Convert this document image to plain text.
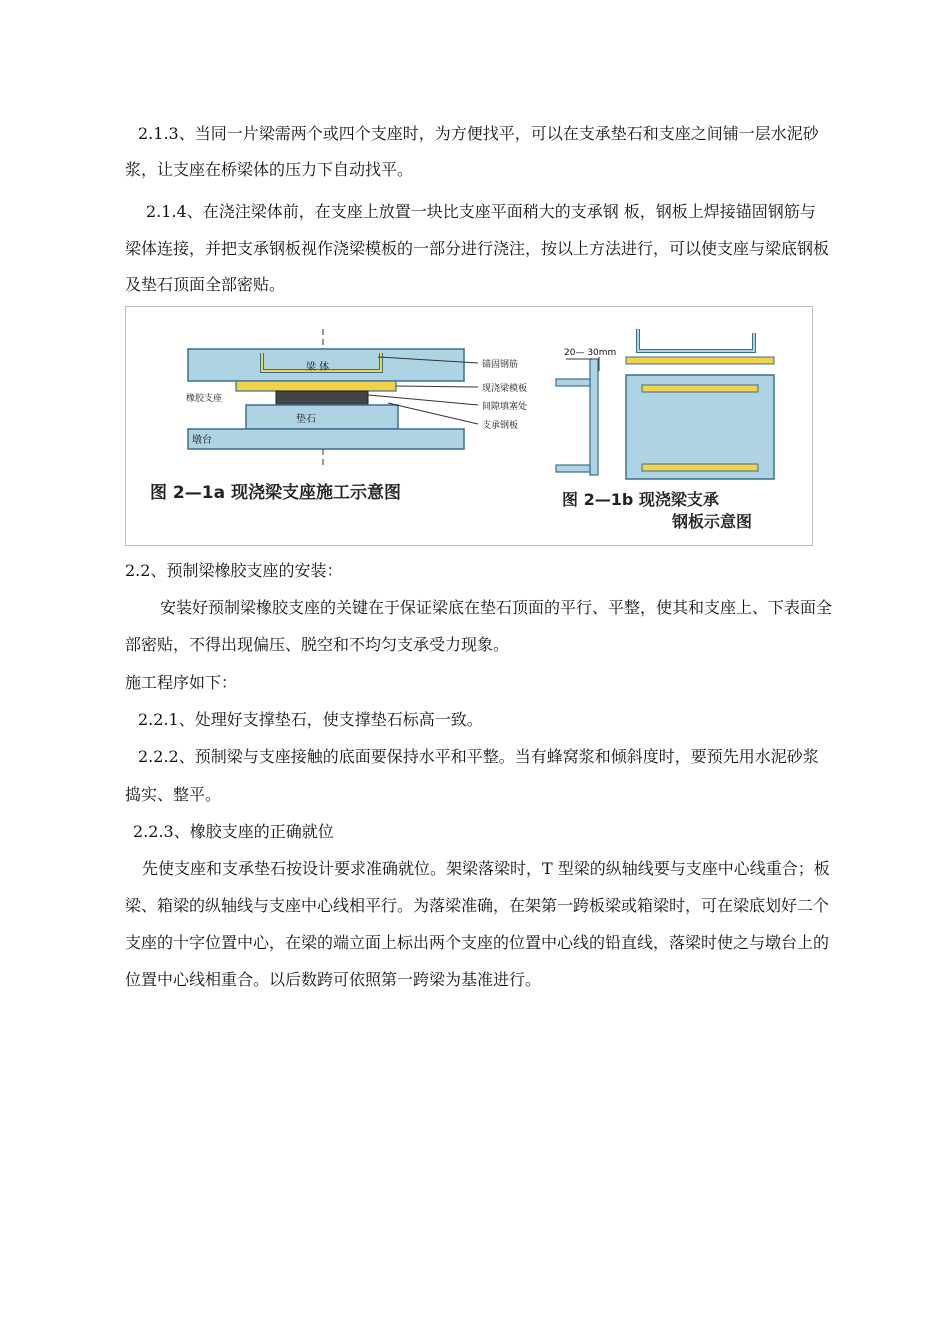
2.1.3、当同一片梁需两个或四个支座时，为方便找平，可以在支承垫石和支座之间铺一层水泥砂
浆，让支座在桥梁体的压力下自动找平。
2.1.4、在浇注梁体前，在支座上放置一块比支座平面稍大的支承钢 板，钢板上焊接锚固钢筋与
梁体连接，并把支承钢板视作浇梁模板的一部分进行浇注，按以上方法进行，可以使支座与梁底钢板
及垫石顶面全部密贴。
梁 体
橡胶支座
垫石
墩台
锚固钢筋
现浇梁模板
间隙填塞处
支承钢板
图 2—1a 现浇梁支座施工示意图
20— 30mm
图 2—1b 现浇梁支承
钢板示意图
2.2、预制梁橡胶支座的安装：
安装好预制梁橡胶支座的关键在于保证梁底在垫石顶面的平行、平整，使其和支座上、下表面全
部密贴，不得出现偏压、脱空和不均匀支承受力现象。
施工程序如下：
2.2.1、处理好支撑垫石，使支撑垫石标高一致。
2.2.2、预制梁与支座接触的底面要保持水平和平整。当有蜂窝浆和倾斜度时，要预先用水泥砂浆
捣实、整平。
2.2.3、橡胶支座的正确就位
先使支座和支承垫石按设计要求准确就位。架梁落梁时，T 型梁的纵轴线要与支座中心线重合；板
梁、箱梁的纵轴线与支座中心线相平行。为落梁准确，在架第一跨板梁或箱梁时，可在梁底划好二个
支座的十字位置中心，在梁的端立面上标出两个支座的位置中心线的铅直线，落梁时使之与墩台上的
位置中心线相重合。以后数跨可依照第一跨梁为基准进行。
